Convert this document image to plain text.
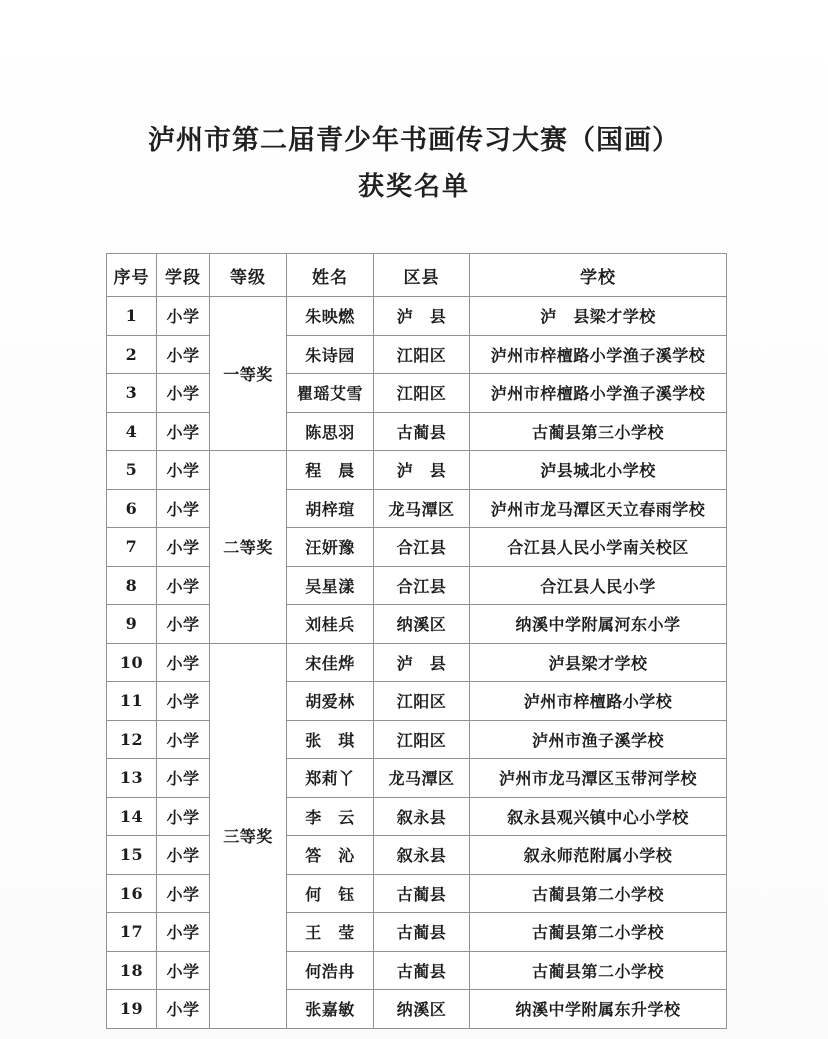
泸州市第二届青少年书画传习大赛（国画）
获奖名单
序号	学段	等级	姓名	区县	学校
1	小学	一等奖	朱映燃	泸　县	泸　县梁才学校
2	小学		朱诗园	江阳区	泸州市梓檀路小学渔子溪学校
3	小学		瞿瑶艾雪	江阳区	泸州市梓檀路小学渔子溪学校
4	小学		陈思羽	古蔺县	古蔺县第三小学校
5	小学	二等奖	程　晨	泸　县	泸县城北小学校
6	小学		胡梓瑄	龙马潭区	泸州市龙马潭区天立春雨学校
7	小学		汪妍豫	合江县	合江县人民小学南关校区
8	小学		吴星漾	合江县	合江县人民小学
9	小学		刘桂兵	纳溪区	纳溪中学附属河东小学
10	小学	三等奖	宋佳烨	泸　县	泸县梁才学校
11	小学		胡爱林	江阳区	泸州市梓檀路小学校
12	小学		张　琪	江阳区	泸州市渔子溪学校
13	小学		郑莉丫	龙马潭区	泸州市龙马潭区玉带河学校
14	小学		李　云	叙永县	叙永县观兴镇中心小学校
15	小学		答　沁	叙永县	叙永师范附属小学校
16	小学		何　钰	古蔺县	古蔺县第二小学校
17	小学		王　莹	古蔺县	古蔺县第二小学校
18	小学		何浩冉	古蔺县	古蔺县第二小学校
19	小学		张嘉敏	纳溪区	纳溪中学附属东升学校
